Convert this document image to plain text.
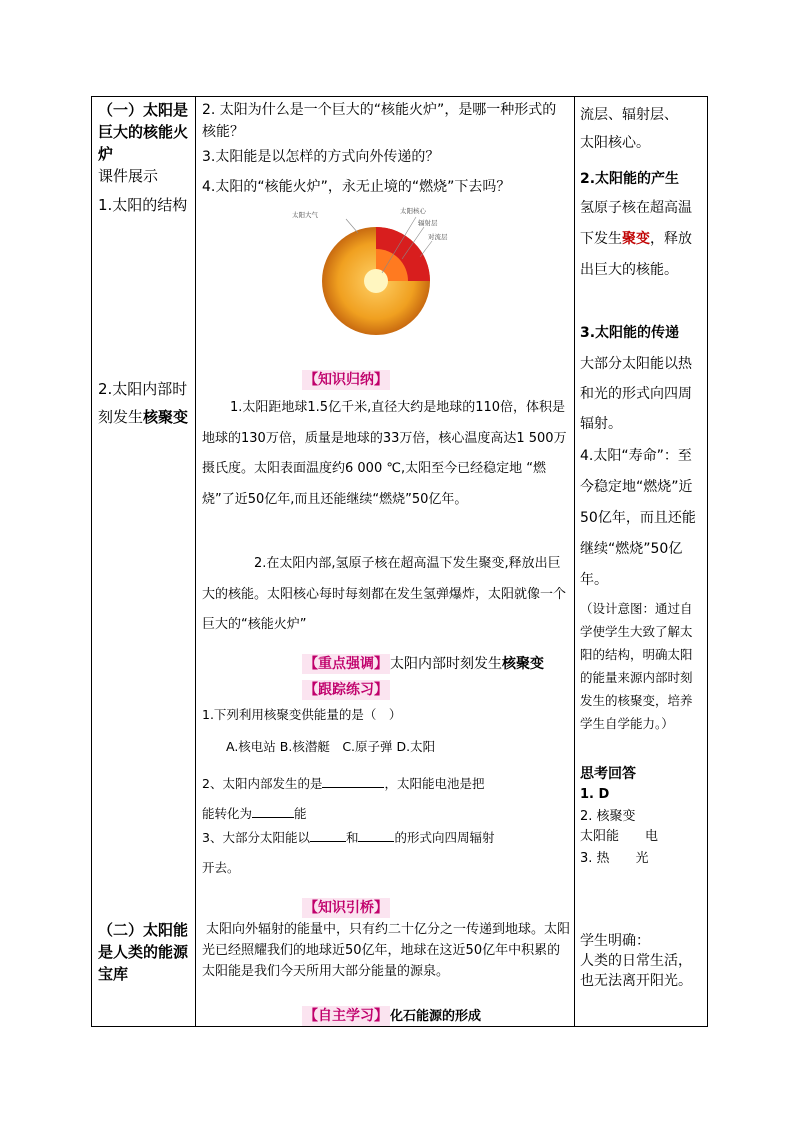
（一）太阳是巨大的核能火炉
课件展示
1.太阳的结构
2.太阳内部时刻发生核聚变
（二）太阳能是人类的能源宝库

2. 太阳为什么是一个巨大的“核能火炉”，是哪一种形式的核能？
3.太阳能是以怎样的方式向外传递的？
4.太阳的“核能火炉”，永无止境的“燃烧”下去吗？
太阳大气	太阳核心
辐射层
对流层
【知识归纳】
1.太阳距地球1.5亿千米,直径大约是地球的110倍，体积是地球的130万倍，质量是地球的33万倍，核心温度高达1 500万摄氏度。太阳表面温度约6 000 ℃,太阳至今已经稳定地 “燃烧”了近50亿年,而且还能继续“燃烧”50亿年。
2.在太阳内部,氢原子核在超高温下发生聚变,释放出巨大的核能。太阳核心每时每刻都在发生氢弹爆炸，太阳就像一个巨大的“核能火炉”
【重点强调】 太阳内部时刻发生核聚变
【跟踪练习】
1.下列利用核聚变供能量的是（　）
A.核电站 B.核潜艇　C.原子弹 D.太阳
2、太阳内部发生的是	，太阳能电池是把
能转化为	能
3、大部分太阳能以	和	的形式向四周辐射
开去。
【知识引桥】
太阳向外辐射的能量中，只有约二十亿分之一传递到地球。太阳光已经照耀我们的地球近50亿年，地球在这近50亿年中积累的太阳能是我们今天所用大部分能量的源泉。
【自主学习】 化石能源的形成

流层、辐射层、
太阳核心。
2.太阳能的产生
氢原子核在超高温下发生聚变，释放出巨大的核能。
3.太阳能的传递
大部分太阳能以热和光的形式向四周辐射。
4.太阳“寿命”：至今稳定地“燃烧”近50亿年，而且还能继续“燃烧”50亿年。
（设计意图：通过自学使学生大致了解太阳的结构，明确太阳的能量来源内部时刻发生的核聚变，培养学生自学能力。）
思考回答
1. D
2. 核聚变
太阳能　　电
3. 热　　光
学生明确：
人类的日常生活，也无法离开阳光。
